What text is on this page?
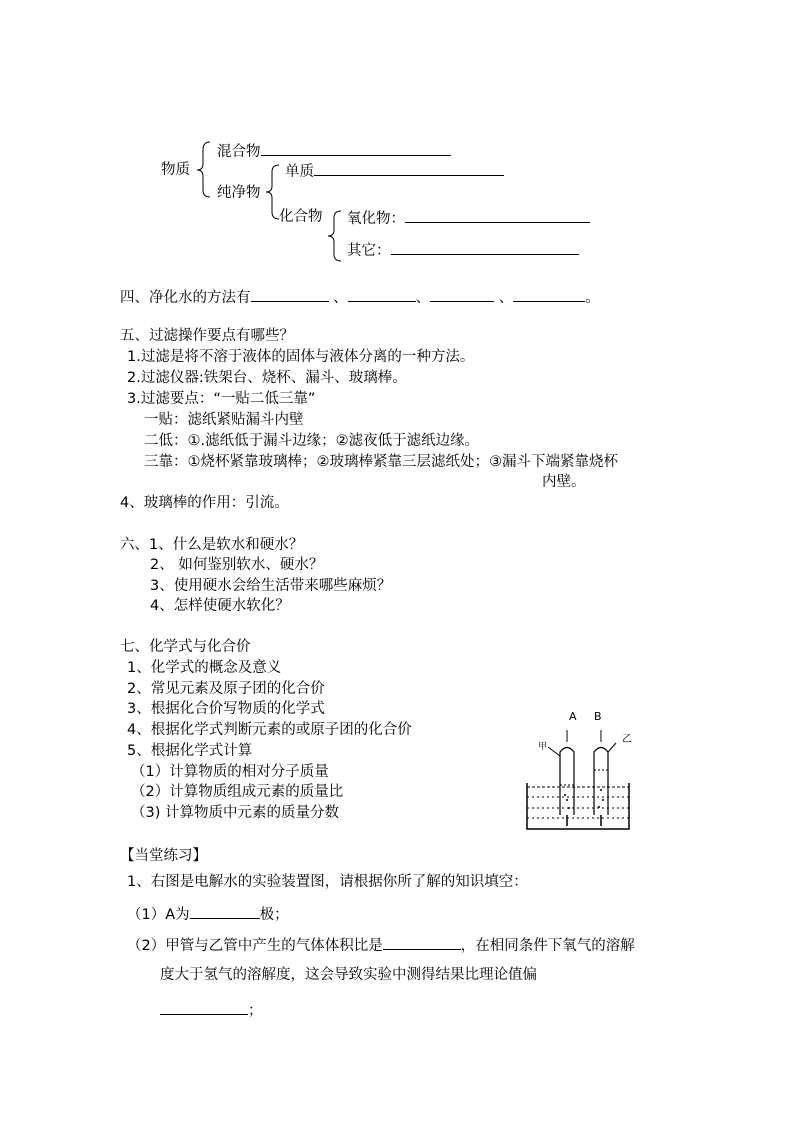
物质
混合物
纯净物
单质
化合物 氧化物：
其它：
四、净化水的方法有	、	、	、	。
五、过滤操作要点有哪些？
1.过滤是将不溶于液体的固体与液体分离的一种方法。
2.过滤仪器:铁架台、烧杯、漏斗、玻璃棒。
3.过滤要点：“一贴二低三靠”
一贴：滤纸紧贴漏斗内壁
二低：①.滤纸低于漏斗边缘；②滤夜低于滤纸边缘。
三靠：①烧杯紧靠玻璃棒；②玻璃棒紧靠三层滤纸处；③漏斗下端紧靠烧杯
内壁。
4、玻璃棒的作用：引流。
六、1、什么是软水和硬水？
2、 如何鉴别软水、硬水？
3、使用硬水会给生活带来哪些麻烦？
4、怎样使硬水软化？
七、化学式与化合价
1、化学式的概念及意义
2、常见元素及原子团的化合价
3、根据化合价写物质的化学式
4、根据化学式判断元素的或原子团的化合价
5、根据化学式计算
（1）计算物质的相对分子质量
（2）计算物质组成元素的质量比
（3) 计算物质中元素的质量分数
A B
甲
乙
【当堂练习】
1、右图是电解水的实验装置图，请根据你所了解的知识填空：
（1）A为	极；
（2）甲管与乙管中产生的气体体积比是	，在相同条件下氧气的溶解
度大于氢气的溶解度，这会导致实验中测得结果比理论值偏
；
